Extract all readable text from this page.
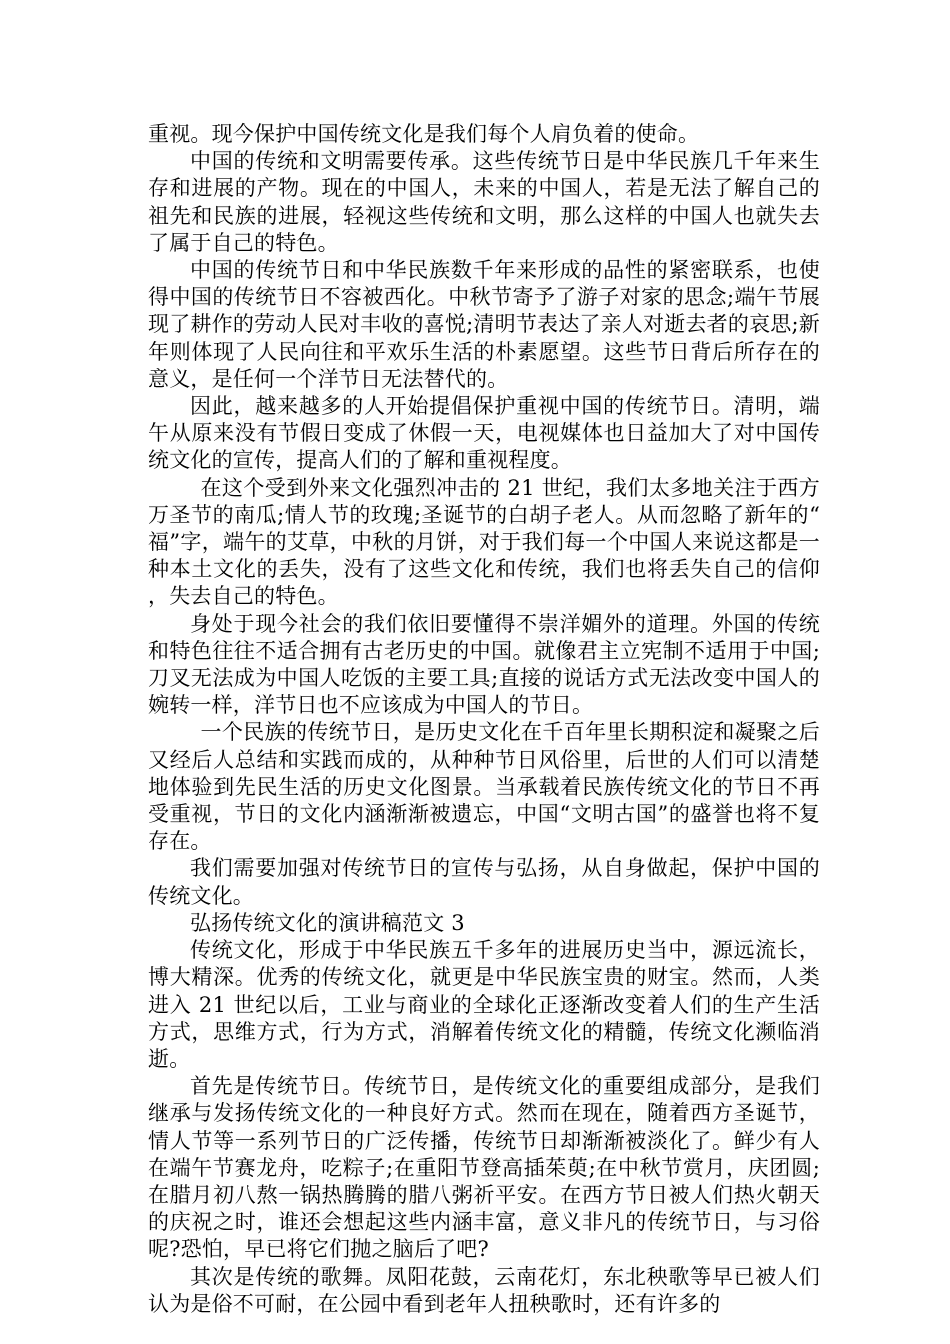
重视。现今保护中国传统文化是我们每个人肩负着的使命。

中国的传统和文明需要传承。这些传统节日是中华民族几千年来生存和进展的产物。现在的中国人，未来的中国人，若是无法了解自己的祖先和民族的进展，轻视这些传统和文明，那么这样的中国人也就失去了属于自己的特色。

中国的传统节日和中华民族数千年来形成的品性的紧密联系，也使得中国的传统节日不容被西化。中秋节寄予了游子对家的思念;端午节展现了耕作的劳动人民对丰收的喜悦;清明节表达了亲人对逝去者的哀思;新年则体现了人民向往和平欢乐生活的朴素愿望。这些节日背后所存在的意义，是任何一个洋节日无法替代的。

因此，越来越多的人开始提倡保护重视中国的传统节日。清明，端午从原来没有节假日变成了休假一天，电视媒体也日益加大了对中国传统文化的宣传，提高人们的了解和重视程度。

在这个受到外来文化强烈冲击的 21 世纪，我们太多地关注于西方万圣节的南瓜;情人节的玫瑰;圣诞节的白胡子老人。从而忽略了新年的“福”字，端午的艾草，中秋的月饼，对于我们每一个中国人来说这都是一种本土文化的丢失，没有了这些文化和传统，我们也将丢失自己的信仰，失去自己的特色。

身处于现今社会的我们依旧要懂得不崇洋媚外的道理。外国的传统和特色往往不适合拥有古老历史的中国。就像君主立宪制不适用于中国;刀叉无法成为中国人吃饭的主要工具;直接的说话方式无法改变中国人的婉转一样，洋节日也不应该成为中国人的节日。

一个民族的传统节日，是历史文化在千百年里长期积淀和凝聚之后又经后人总结和实践而成的，从种种节日风俗里，后世的人们可以清楚地体验到先民生活的历史文化图景。当承载着民族传统文化的节日不再受重视，节日的文化内涵渐渐被遗忘，中国“文明古国”的盛誉也将不复存在。

我们需要加强对传统节日的宣传与弘扬，从自身做起，保护中国的传统文化。

弘扬传统文化的演讲稿范文 3

传统文化，形成于中华民族五千多年的进展历史当中，源远流长，博大精深。优秀的传统文化，就更是中华民族宝贵的财宝。然而，人类进入 21 世纪以后，工业与商业的全球化正逐渐改变着人们的生产生活方式，思维方式，行为方式，消解着传统文化的精髓，传统文化濒临消逝。

首先是传统节日。传统节日，是传统文化的重要组成部分，是我们继承与发扬传统文化的一种良好方式。然而在现在，随着西方圣诞节，情人节等一系列节日的广泛传播，传统节日却渐渐被淡化了。鲜少有人在端午节赛龙舟，吃粽子;在重阳节登高插茱萸;在中秋节赏月，庆团圆;在腊月初八熬一锅热腾腾的腊八粥祈平安。在西方节日被人们热火朝天的庆祝之时，谁还会想起这些内涵丰富，意义非凡的传统节日，与习俗呢?恐怕，早已将它们抛之脑后了吧?

其次是传统的歌舞。凤阳花鼓，云南花灯，东北秧歌等早已被人们认为是俗不可耐，在公园中看到老年人扭秧歌时，还有许多的
